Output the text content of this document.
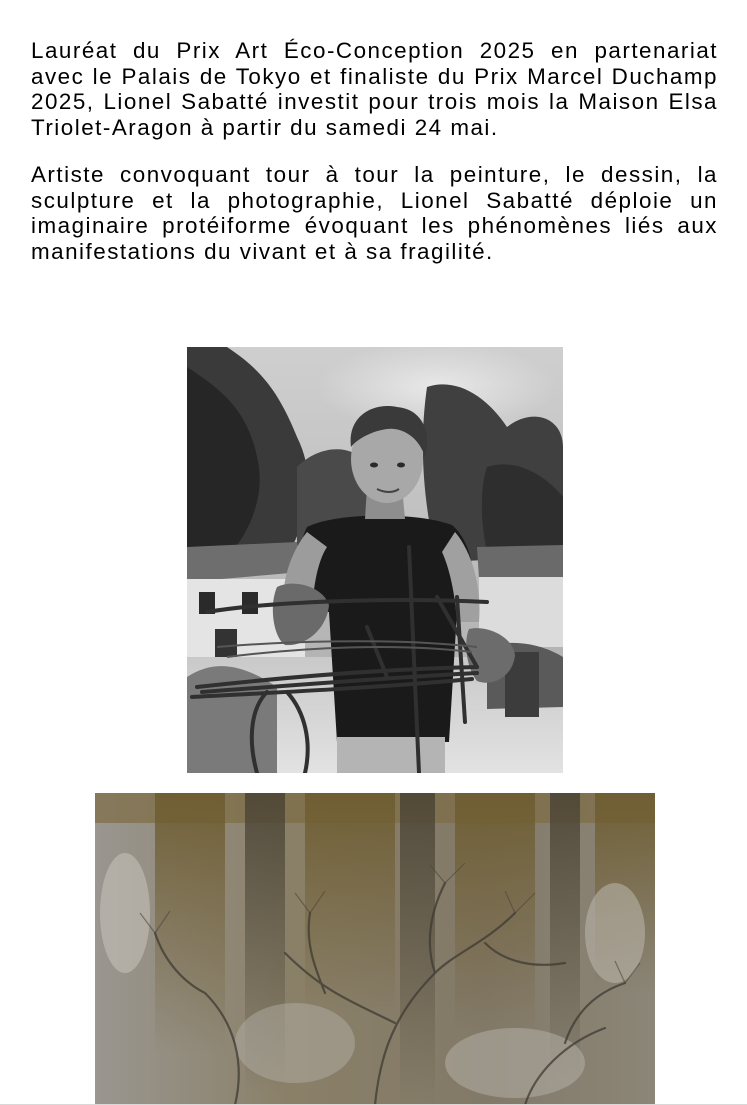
Lauréat du Prix Art Éco-Conception 2025 en partenariat avec le Palais de Tokyo et finaliste du Prix Marcel Duchamp 2025, Lionel Sabatté investit pour trois mois la Maison Elsa Triolet-Aragon à partir du samedi 24 mai.

Artiste convoquant tour à tour la peinture, le dessin, la sculpture et la photographie, Lionel Sabatté déploie un imaginaire protéiforme évoquant les phénomènes liés aux manifestations du vivant et à sa fragilité.
